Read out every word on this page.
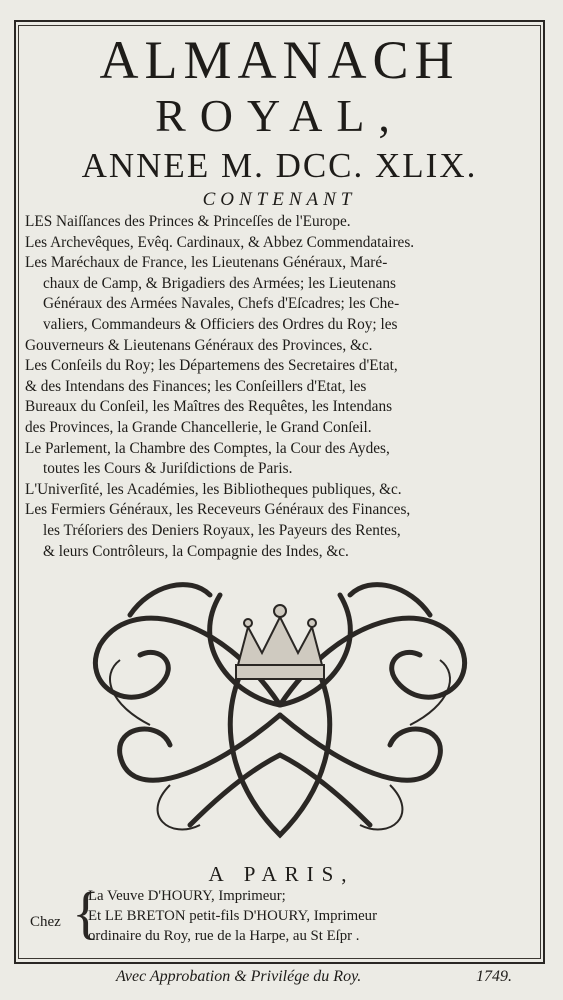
ALMANACH
ROYAL,
ANNEE M. DCC. XLIX.
CONTENANT

LES Naiſſances des Princes & Princeſſes de l'Europe.

Les Archevêques, Evêq. Cardinaux, & Abbez Commendataires.

Les Maréchaux de France, les Lieutenans Généraux, Maré-
chaux de Camp, & Brigadiers des Armées; les Lieutenans
Généraux des Armées Navales, Chefs d'Eſcadres; les Che-
valiers, Commandeurs & Officiers des Ordres du Roy; les
Gouverneurs & Lieutenans Généraux des Provinces, &c.

Les Conſeils du Roy; les Départemens des Secretaires d'Etat,
& des Intendans des Finances; les Conſeillers d'Etat, les
Bureaux du Conſeil, les Maîtres des Requêtes, les Intendans
des Provinces, la Grande Chancellerie, le Grand Conſeil.

Le Parlement, la Chambre des Comptes, la Cour des Aydes,
toutes les Cours & Juriſdictions de Paris.

L'Univerſité, les Académies, les Bibliotheques publiques, &c.

Les Fermiers Généraux, les Receveurs Généraux des Finances,
les Tréſoriers des Deniers Royaux, les Payeurs des Rentes,
& leurs Contrôleurs, la Compagnie des Indes, &c.

A PARIS,
Chez {
La Veuve D'HOURY, Imprimeur;
Et LE BRETON petit-fils D'HOURY, Imprimeur
ordinaire du Roy, rue de la Harpe, au St Eſpr .
Avec Approbation & Privilége du Roy.	1749.
